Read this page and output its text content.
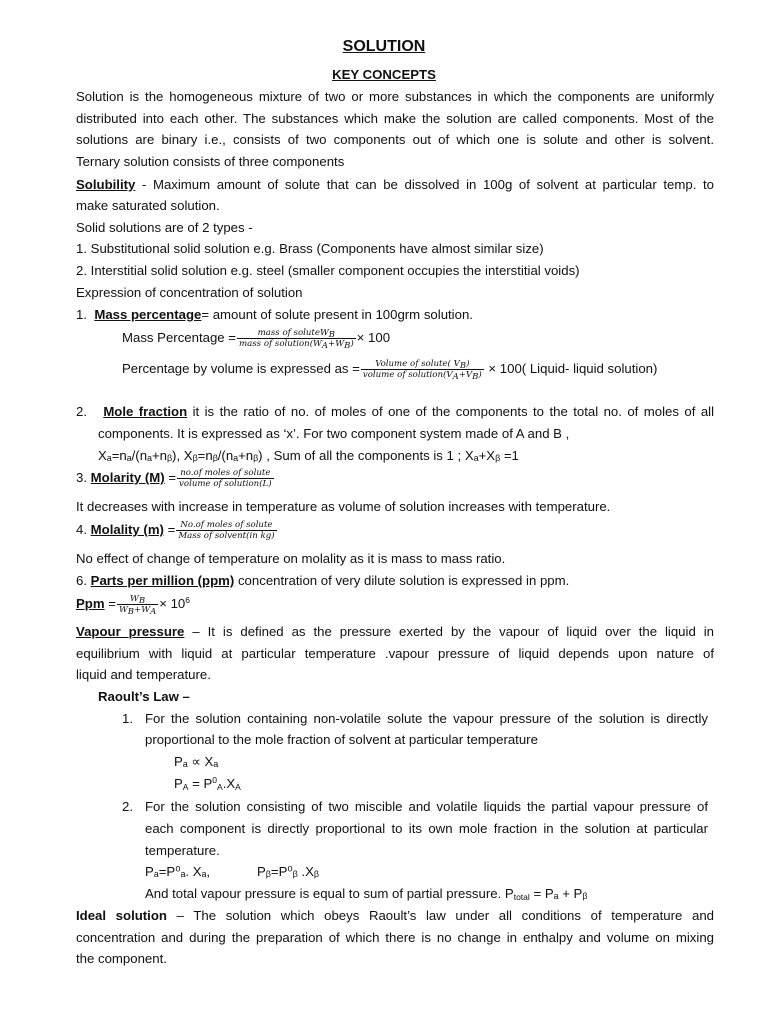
SOLUTION
KEY CONCEPTS
Solution is the homogeneous mixture of two or more substances in which the components are uniformly
distributed into each other. The substances which make the solution are called components. Most of the
solutions are binary i.e., consists of two components out of which one is solute and other is solvent.
Ternary solution consists of three components
Solubility - Maximum amount of solute that can be dissolved in 100g of solvent at particular temp. to
make saturated solution.
Solid solutions are of 2 types -
1. Substitutional solid solution e.g. Brass (Components have almost similar size)
2. Interstitial solid solution e.g. steel (smaller component occupies the interstitial voids)
Expression of concentration of solution
1. Mass percentage= amount of solute present in 100grm solution.
Mass Percentage = $\frac{mass of soluteW_B}{mass of solution(W_A+W_B)} \times 100$
Percentage by volume is expressed as = $\frac{Volume of solute( V_B)}{volume of solution(V_A+V_B)} \times 100$( Liquid- liquid solution)
2. Mole fraction it is the ratio of no. of moles of one of the components to the total no. of moles of all
components. It is expressed as ‘x’. For two component system made of A and B ,
Xₐ=nₐ/(nₐ+nᵦ), Xᵦ=nᵦ/(nₐ+nᵦ) , Sum of all the components is 1 ; Xₐ+Xᵦ =1
3. Molarity $(M) = \frac{\text{no.of moles of solute}}{\text{volume of solution(L)}}$
It decreases with increase in temperature as volume of solution increases with temperature.
4. Molality $(m) = \frac{\text{No.of moles of solute}}{\text{Mass of solvent(in kg)}}$
No effect of change of temperature on molality as it is mass to mass ratio.
6. Parts per million (ppm) concentration of very dilute solution is expressed in ppm.
Ppm = $\frac{W_B}{W_B+W_A} \times 10^6$
Vapour pressure – It is defined as the pressure exerted by the vapour of liquid over the liquid in
equilibrium with liquid at particular temperature .vapour pressure of liquid depends upon nature of
liquid and temperature.
Raoult’s Law –
1. For the solution containing non-volatile solute the vapour pressure of the solution is directly
proportional to the mole fraction of solvent at particular temperature
Pₐ ∝ Xₐ
$P_A = P^0_A.X_A$
2. For the solution consisting of two miscible and volatile liquids the partial vapour pressure of
each component is directly proportional to its own mole fraction in the solution at particular
temperature.
Pₐ=P⁰ₐ. Xₐ,	Pᵦ=P⁰ᵦ .Xᵦ
And total vapour pressure is equal to sum of partial pressure. $P_{total} = P_a$ + Pᵦ
Ideal solution – The solution which obeys Raoult’s law under all conditions of temperature and
concentration and during the preparation of which there is no change in enthalpy and volume on mixing
the component.
